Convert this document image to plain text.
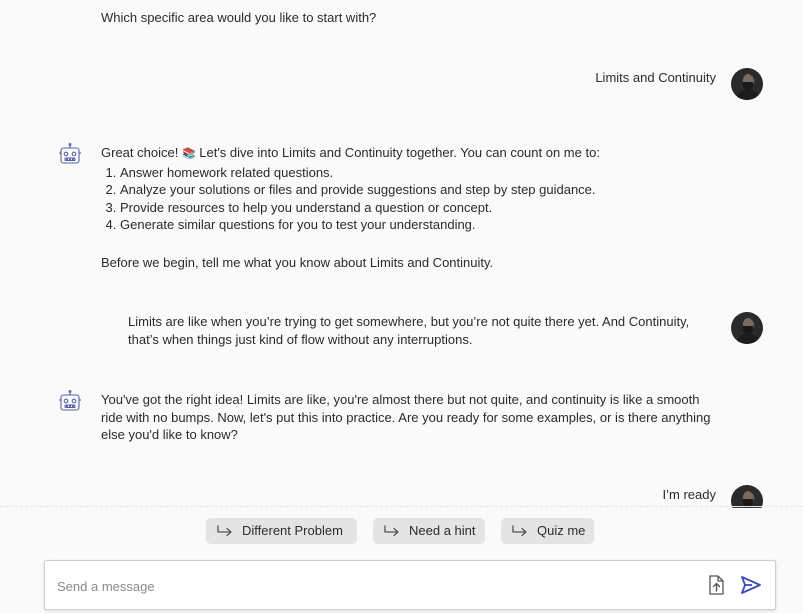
Which specific area would you like to start with?
Limits and Continuity
Great choice! 📚 Let's dive into Limits and Continuity together. You can count on me to:
1. Answer homework related questions.
2. Analyze your solutions or files and provide suggestions and step by step guidance.
3. Provide resources to help you understand a question or concept.
4. Generate similar questions for you to test your understanding.
Before we begin, tell me what you know about Limits and Continuity.
Limits are like when you’re trying to get somewhere, but you’re not quite there yet. And Continuity, that’s when things just kind of flow without any interruptions.
You've got the right idea! Limits are like, you're almost there but not quite, and continuity is like a smooth ride with no bumps. Now, let's put this into practice. Are you ready for some examples, or is there anything else you'd like to know?
I’m ready
Different Problem	Need a hint	Quiz me
Send a message
